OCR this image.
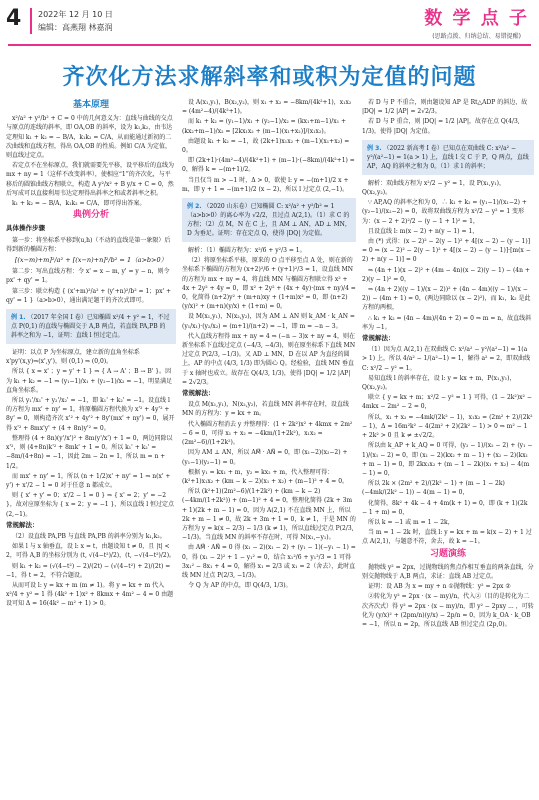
4 2022年 12 月 10 日
编辑：高燕翔 林嘉润	数 学 点 子
(思路点拨、归纳总结、易错提醒)
齐次化方法求解斜率和或积为定值的问题
基本原理

x²/a² + y²/b² + C = 0 中的几何意义为：直线与曲线的交点与原点的连线的斜率，即 OA,OB 的斜率，设为 k₁,k₂，由韦达定理知 k₁ + k₂ = − B/A，k₁k₂ = C/A，从而能通过新初的二次曲线和直线方程，得出 OA,OB 的性质。例如 C/A 为定值，则直线过定点。

若定点不在坐标原点，我们就需要先平移，设平移后的直线为 mx + ny = 1（这样不改变斜率），使相应“1”的齐次化，与平移后的圆锥曲线方程联立，构造 A y²/x² + B y/x + C = 0，然后写成可以直接利用韦达定理得出斜率之和或者斜率之积。

k₁ + k₂ = − B/A，k₁k₂ = C/A，即可得出答案。

典例分析
具体操作步骤

第一步：将坐标系平移到(u,h)（不动的直线是第一象限）后得到新的椭圆方程：

[(x−m)+m]²/a² + [(x−n)+n]²/b² = 1（a>b>0）

第二步：写出直线方程：令 x' = x − m, y' = y − n，则令 px' + qy' = 1。

第三步：联立构造 { (x'+m)²/a² + (y'+n)²/b² = 1；px' + qy' = 1 }（a>b>0），通出满足题干的齐次式即可。

例 1. （2017 年全国 I 卷）已知椭圆 x²/4 + y² = 1，不过点 P(0,1) 的直线与椭圆交于 A,B 两点，若直线 PA,PB 的斜率之和为 −1，证明：直线 l 恒过定点。

证明：以点 P 为坐标原点，建立新的直角坐标系 x'py'(x,y)⇒(x',y')，则 (0,1) ⇒ (0,0)。

所以 { x = x' ；y = y' + 1 } ⇒ { A → A' ；B → B' }。因为 k₁ + k₂ = −1 ⇒ (y₁−1)/x₁ + (y₂−1)/x₂ = −1，明显满足直角坐标系。

所以 y₁'/x₁' + y₂'/x₂' = −1，即 k₁' + k₂' = −1。设直线 l 的方程为 mx' + ny' = 1，将原椭圆方程代换为 x'² + 4y'² + 8y' = 0，则构造齐次 x'² + 4y'² + 8y'(mx' + ny') = 0，展开得 x'² + 8mx'y' + (4 + 8n)y'² = 0。

整理得 (4 + 8n)(y'/x')² + 8m(y'/x') + 1 = 0，两边同除以 x'²，则 (4+8n)k'² + 8mk' + 1 = 0。所以 k₁' + k₂' = −8m/(4+8n) = −1，因此 2m − 2n = 1，所以 m = n + 1/2。

而 mx' + ny' = 1，所以 (n + 1/2)x' + ny' = 1 ⇒ n(x' + y') + x'/2 − 1 = 0 对于任意 n 都成立。

则 { x' + y' = 0；x'/2 − 1 = 0 } ⇒ { x' = 2；y' = −2 }，故对应原坐标为 { x = 2；y = −1 }，所以直线 l 恒过定点 (2,−1)。

常规解法：

（2）设直线 PA,PB 与直线 PA,PB 的斜率分别为 k₁,k₂。

如果 l 与 x 轴垂直，设 l: x = t，由题设知 t ≠ 0，且 |t| < 2，可得 A,B 的坐标分别为 (t, √(4−t²)/2)，(t, −√(4−t²)/2)。

则 k₁ + k₂ = (√(4−t²) − 2)/(2t) − (√(4−t²) + 2)/(2t) = −1，得 t = 2，不符合题设。

从而可设 l: y = kx + m (m ≠ 1)。将 y = kx + m 代入 x²/4 + y² = 1 得 (4k² + 1)x² + 8kmx + 4m² − 4 = 0 由题设可知 Δ = 16(4k² − m² + 1) > 0。

设 A(x₁,y₁)，B(x₂,y₂)，则 x₁ + x₂ = −8km/(4k²+1)，x₁x₂ = (4m²−4)/(4k²+1)。

而 k₁ + k₂ = (y₁−1)/x₁ + (y₂−1)/x₂ = (kx₁+m−1)/x₁ + (kx₂+m−1)/x₂ = [2kx₁x₂ + (m−1)(x₁+x₂)]/(x₁x₂)。

由题设 k₁ + k₂ = −1，故 (2k+1)x₁x₂ + (m−1)(x₁+x₂) = 0。

即 (2k+1)·(4m²−4)/(4k²+1) + (m−1)·(−8km)/(4k²+1) = 0，解得 k = −(m+1)/2。

当且仅当 m > −1 时，Δ > 0，欲使 l: y = −(m+1)/2 x + m，即 y + 1 = −(m+1)/2 (x − 2)，所以 l 过定点 (2,−1)。

例 2. （2020 山东卷）已知椭圆 C: x²/a² + y²/b² = 1（a>b>0）的离心率为 √2/2，且过点 A(2,1)。（1）求 C 的方程；（2）点 M，N 在 C 上，且 AM ⊥ AN，AD ⊥ MN，D 为垂足。证明：存在定点 Q，使得 |DQ| 为定值。

解析：（1）椭圆方程为：x²/6 + y²/3 = 1。

（2）将原坐标系平移，原来的 O 点平移至点 A 处，则在新的坐标系下椭圆的方程为 (x+2)²/6 + (y+1)²/3 = 1，设直线 MN 的方程为 mx + ny = 4，将直线 MN 与椭圆方程联立得 x² + 4x + 2y² + 4y = 0，即 x² + 2y² + (4x + 4y)·(mx + ny)/4 = 0，化简得 (n+2)y² + (m+n)xy + (1+m)x² = 0，即 (n+2)(y/x)² + (m+n)(y/x) + (1+m) = 0。

设 M(x₁,y₁)，N(x₂,y₂)，因为 AM ⊥ AN 则 k_AM · k_AN = (y₁/x₁)·(y₂/x₂) = (m+1)/(n+2) = −1，即 m = −n − 3。

代入直线方程得 mx + ny = 4 ⇒ (−n − 3)x + ny = 4，则在新坐标系下直线过定点 (−4/3, −4/3)，则在原坐标系下直线 MN 过定点 P(2/3, −1/3)。又 AD ⊥ MN，D 在以 AP 为直径的圆上，AP 的中点 (4/3, 1/3) 即为圆心 Q。经检验，直线 MN 垂直于 x 轴时也成立。故存在 Q(4/3, 1/3)，使得 |DQ| = 1/2 |AP| = 2√2/3。

常规解法：

设点 M(x₁,y₁)，N(x₂,y₂)，若直线 MN 斜率存在时，设直线 MN 的方程为：y = kx + m。

代入椭圆方程消去 y 并整理得：(1 + 2k²)x² + 4kmx + 2m² − 6 = 0，可得 x₁ + x₂ = −4km/(1+2k²)，x₁x₂ = (2m²−6)/(1+2k²)。

因为 AM ⊥ AN，所以 AM⃗ · AN⃗ = 0，即 (x₁−2)(x₂−2) + (y₁−1)(y₂−1) = 0。

根据 y₁ = kx₁ + m，y₂ = kx₂ + m，代入整理可得：(k²+1)x₁x₂ + (km − k − 2)(x₁ + x₂) + (m−1)² + 4 = 0。

所以 (k²+1)(2m²−6)/(1+2k²) + (km − k − 2)(−4km/(1+2k²)) + (m−1)² + 4 = 0，整理化简得 (2k + 3m + 1)(2k + m − 1) = 0，因为 A(2,1) 不在直线 MN 上，所以 2k + m − 1 ≠ 0，故 2k + 3m + 1 = 0，k ≠ 1，于是 MN 的方程为 y = k(x − 2/3) − 1/3 (k ≠ 1)，所以直线过定点 P(2/3, −1/3)。当直线 MN 的斜率不存在时，可得 N(x₁,−y₁)。

由 AM⃗ · AN⃗ = 0 得 (x₁ − 2)(x₁ − 2) + (y₁ − 1)(−y₁ − 1) = 0，得 (x₁ − 2)² + 1 − y₁² = 0，结合 x₁²/6 + y₁²/3 = 1 可得 3x₁² − 8x₁ + 4 = 0，解得 x₁ = 2/3 或 x₁ = 2（舍去），此时直线 MN 过点 P(2/3, −1/3)。

令 Q 为 AP 的中点，即 Q(4/3, 1/3)。

若 D 与 P 不重合，则由题设知 AP 是 Rt△ADP 的斜边，故 |DQ| = 1/2 |AP| = 2√2/3。

若 D 与 P 重合，则 |DQ| = 1/2 |AP|，故存在点 Q(4/3, 1/3)，使得 |DQ| 为定值。

例 3. （2022 新高考 I 卷）已知点在双曲线 C: x²/a² − y²/(a²−1) = 1(a > 1) 上，直线 l 交 C 于 P，Q 两点，直线 AP，AQ 的斜率之和为 0。（1）求 l 的斜率；

解析：双曲线方程为 x²/2 − y² = 1，设 P(x₁,y₁)，Q(x₂,y₂)。

∵ AP,AQ 的斜率之和为 0，∴ k₁ + k₂ = (y₁−1)/(x₁−2) + (y₂−1)/(x₂−2) = 0，故将双曲线方程为 x²/2 − y² = 1 变形为：(x − 2 + 2)²/2 − (y − 1 + 1)² = 1，

且设直线 l: m(x − 2) + n(y − 1) = 1，

由 (*) 式得：(x − 2)² − 2(y − 1)² + 4[(x − 2) − (y − 1)] = 0 ⇒ (x − 2)² − 2(y − 1)² + 4[(x − 2) − (y − 1)]·[m(x − 2) + n(y − 1)] = 0

⇒ (4n + 1)(x − 2)² + (4m − 4n)(x − 2)(y − 1) − (4n + 2)(y − 1)² = 0，

⇒ (4n + 2)((y − 1)/(x − 2))² + (4n − 4m)((y − 1)/(x − 2)) − (4m + 1) = 0，(两边同除以 (x − 2)²)，而 k₁，k₂ 是此方程的两根，

∴ k₁ + k₂ = (4n − 4m)/(4n + 2) = 0 ⇒ m = n，故直线斜率为 −1。

常规解法：

（1）因为点 A(2,1) 在双曲线 C: x²/a² − y²/(a²−1) = 1(a > 1) 上，所以 4/a² − 1/(a²−1) = 1，解得 a² = 2，即双曲线 C: x²/2 − y² = 1。

易知直线 l 的斜率存在，设 l: y = kx + m，P(x₁,y₁)，Q(x₂,y₂)。

联立 { y = kx + m；x²/2 − y² = 1 } 可得，(1 − 2k²)x² − 4mkx − 2m² − 2 = 0，

所以，x₁ + x₂ = −4mk/(2k² − 1)，x₁x₂ = (2m² + 2)/(2k² − 1)，Δ = 16m²k² − 4(2m² + 2)(2k² − 1) > 0 ⇒ m² − 1 + 2k² > 0 且 k ≠ ±√2/2。

所以由 k_AP + k_AQ = 0 可得，(y₂ − 1)/(x₂ − 2) + (y₁ − 1)/(x₁ − 2) = 0，即 (x₁ − 2)(kx₂ + m − 1) + (x₂ − 2)(kx₁ + m − 1) = 0，即 2kx₁x₂ + (m − 1 − 2k)(x₁ + x₂) − 4(m − 1) = 0，

所以 2k × (2m² + 2)/(2k² − 1) + (m − 1 − 2k)(−4mk/(2k² − 1)) − 4(m − 1) = 0，

化简得，8k² + 4k − 4 + 4m(k + 1) = 0，即 (k + 1)(2k − 1 + m) = 0，

所以 k = −1 或 m = 1 − 2k，

当 m = 1 − 2k 时，直线 l: y = kx + m = k(x − 2) + 1 过点 A(2,1)，与题意不符，舍去，故 k = −1。

习题演练

抛物线 y² = 2px，过抛物线的焦点作相互垂直的两条直线，分别交抛物线于 A,B 两点，求证：直线 AB 过定点。

证明：设 AB 为 x = my + n ①抛物线：y² = 2px ②

②转化为 y² = 2px · (x − my)/n，代入②（目的是转化为二次齐次式）得 y² = 2px · (x − my)/n，即 y² − 2pxy ... ，可转化为 (y/x)² + (2pm/n)(y/x) − 2p/n = 0，因为 k_OA · k_OB = −1，所以 n = 2p，所以直线 AB 恒过定点 (2p,0)。
